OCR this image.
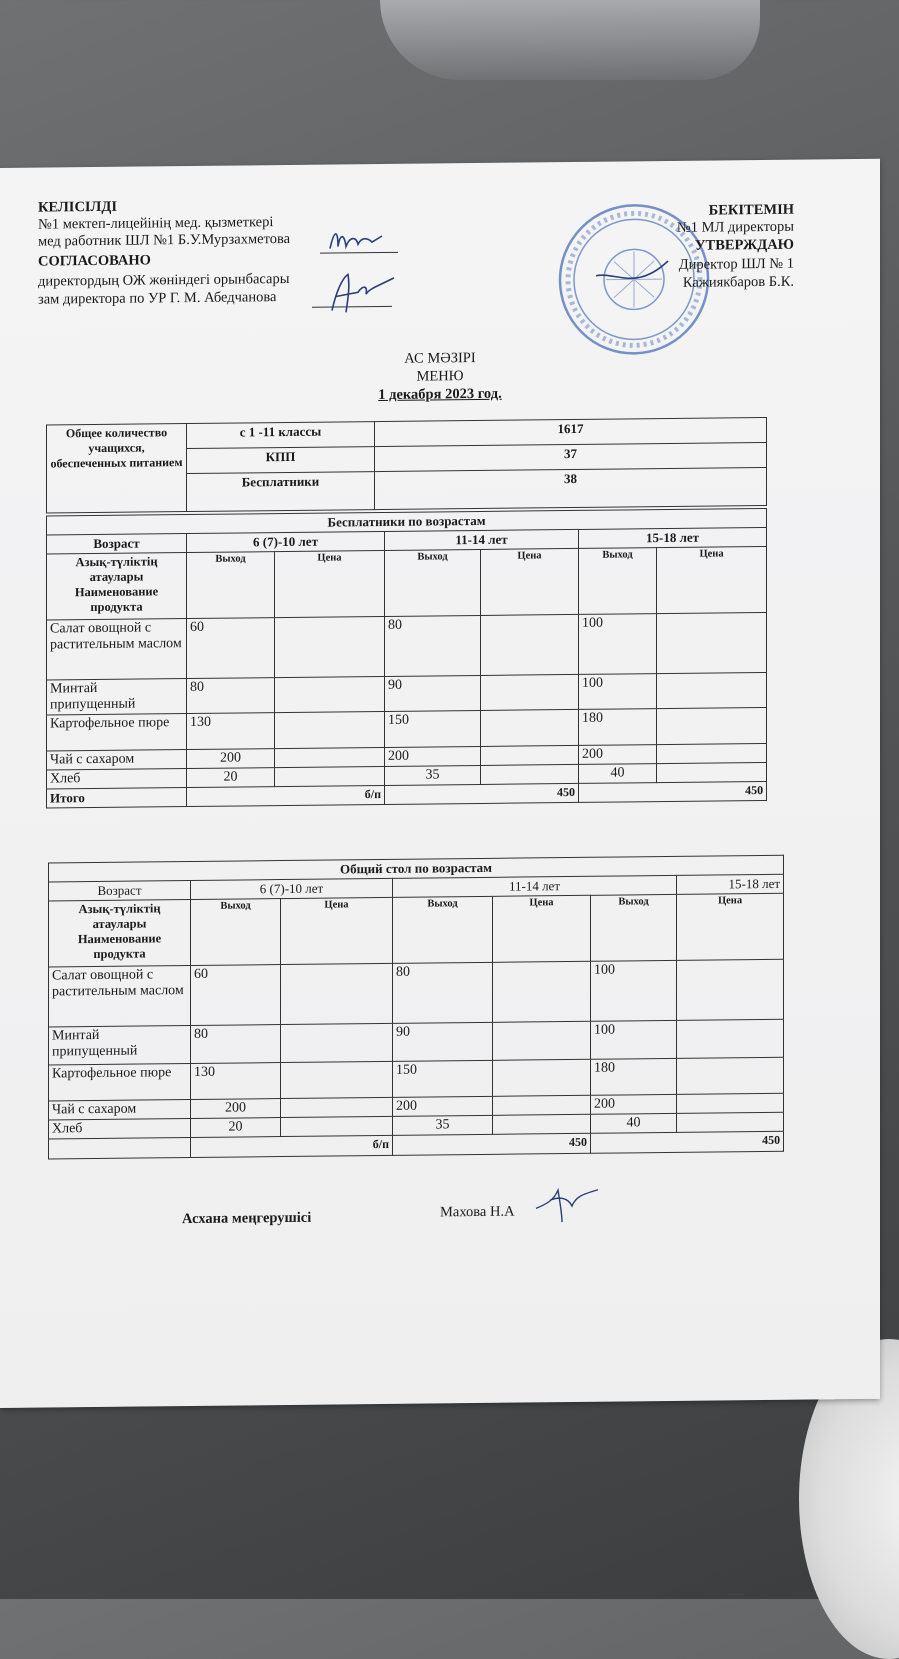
КЕЛІСІЛДІ
№1 мектеп-лицейінің мед. қызметкері
мед работник ШЛ №1 Б.У.Мурзахметова
СОГЛАСОВАНО
директордың ОЖ жөніндегі орынбасары
зам директора по УР Г. М. Абедчанова
БЕКІТЕМІН
№1 МЛ директоры
УТВЕРЖДАЮ
Директор ШЛ № 1
Кажиякбаров Б.К.
АС МӘЗІРІ
МЕНЮ
1 декабря 2023 год.
Общее количество учащихся, обеспеченных питанием	с 1 -11 классы	1617
	КПП	37
	Бесплатники	38
Бесплатники по возрастам						
Возраст	6 (7)-10 лет		11-14 лет		15-18 лет	
Азық-түліктің атаулары Наименование продукта	Выход	Цена	Выход	Цена	Выход	Цена
Салат овощной с растительным маслом	60		80		100	
Минтай припущенный	80		90		100	
Картофельное пюре	130		150		180	
Чай с сахаром	200		200		200	
Хлеб	20		35		40	
Итого	б/п		450		450	
Общий стол по возрастам						
Возраст	6 (7)-10 лет		11-14 лет			15-18 лет
Азық-түліктің атаулары Наименование продукта	Выход	Цена	Выход	Цена	Выход	Цена
Салат овощной с растительным маслом	60		80		100	
Минтай припущенный	80		90		100	
Картофельное пюре	130		150		180	
Чай с сахаром	200		200		200	
Хлеб	20		35		40	
	б/п		450		450	
Асхана меңгерушісі	Махова Н.А
